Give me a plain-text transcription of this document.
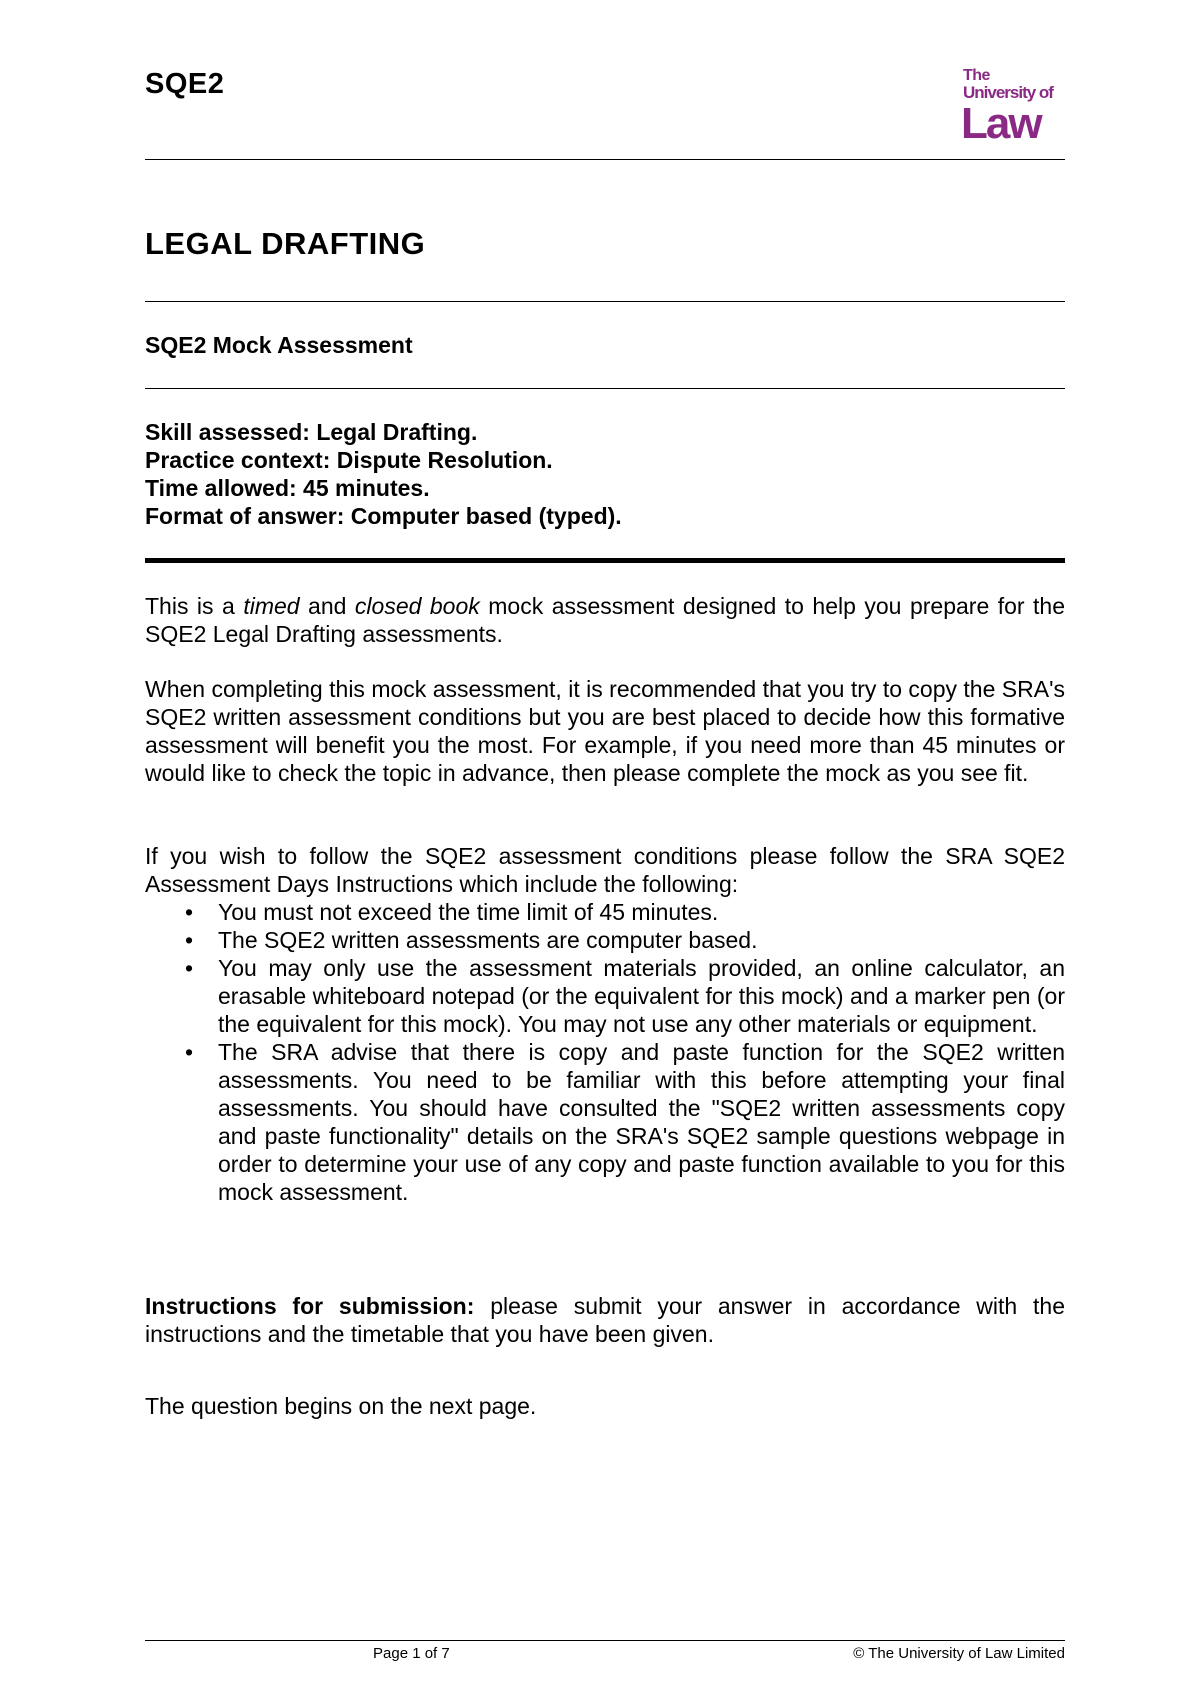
SQE2	The
University of
Law
LEGAL DRAFTING
SQE2 Mock Assessment
Skill assessed: Legal Drafting.
Practice context: Dispute Resolution.
Time allowed: 45 minutes.
Format of answer: Computer based (typed).
This is a timed and closed book mock assessment designed to help you prepare for the SQE2 Legal Drafting assessments.
When completing this mock assessment, it is recommended that you try to copy the SRA's SQE2 written assessment conditions but you are best placed to decide how this formative assessment will benefit you the most. For example, if you need more than 45 minutes or would like to check the topic in advance, then please complete the mock as you see fit.
If you wish to follow the SQE2 assessment conditions please follow the SRA SQE2 Assessment Days Instructions which include the following:
• You must not exceed the time limit of 45 minutes.
• The SQE2 written assessments are computer based.
• You may only use the assessment materials provided, an online calculator, an erasable whiteboard notepad (or the equivalent for this mock) and a marker pen (or the equivalent for this mock). You may not use any other materials or equipment.
• The SRA advise that there is copy and paste function for the SQE2 written assessments. You need to be familiar with this before attempting your final assessments. You should have consulted the "SQE2 written assessments copy and paste functionality" details on the SRA's SQE2 sample questions webpage in order to determine your use of any copy and paste function available to you for this mock assessment.
Instructions for submission: please submit your answer in accordance with the instructions and the timetable that you have been given.
The question begins on the next page.
Page 1 of 7	© The University of Law Limited
